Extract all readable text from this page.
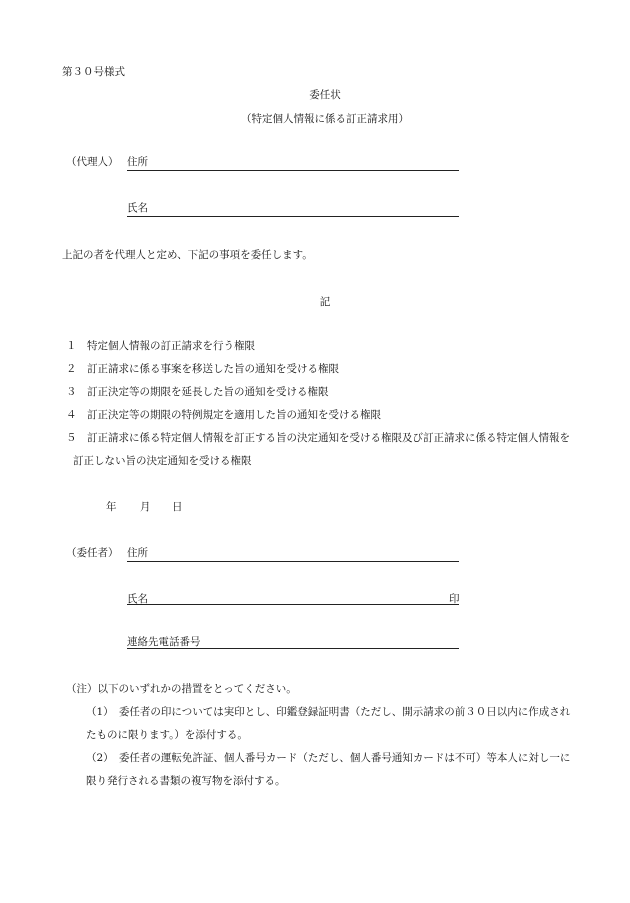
第３０号様式
委任状
（特定個人情報に係る訂正請求用）
（代理人） 住所
氏名
上記の者を代理人と定め、下記の事項を委任します。
記
１　特定個人情報の訂正請求を行う権限
２　訂正請求に係る事案を移送した旨の通知を受ける権限
３　訂正決定等の期限を延長した旨の通知を受ける権限
４　訂正決定等の期限の特例規定を適用した旨の通知を受ける権限
５　訂正請求に係る特定個人情報を訂正する旨の決定通知を受ける権限及び訂正請求に係る特定個人情報を
訂正しない旨の決定通知を受ける権限
年 月 日
（委任者） 住所
氏名	印
連絡先電話番号
（注）以下のいずれかの措置をとってください。
（1）　委任者の印については実印とし、印鑑登録証明書（ただし、開示請求の前３０日以内に作成され
たものに限ります。）を添付する。
（2）　委任者の運転免許証、個人番号カード（ただし、個人番号通知カードは不可）等本人に対し一に
限り発行される書類の複写物を添付する。
